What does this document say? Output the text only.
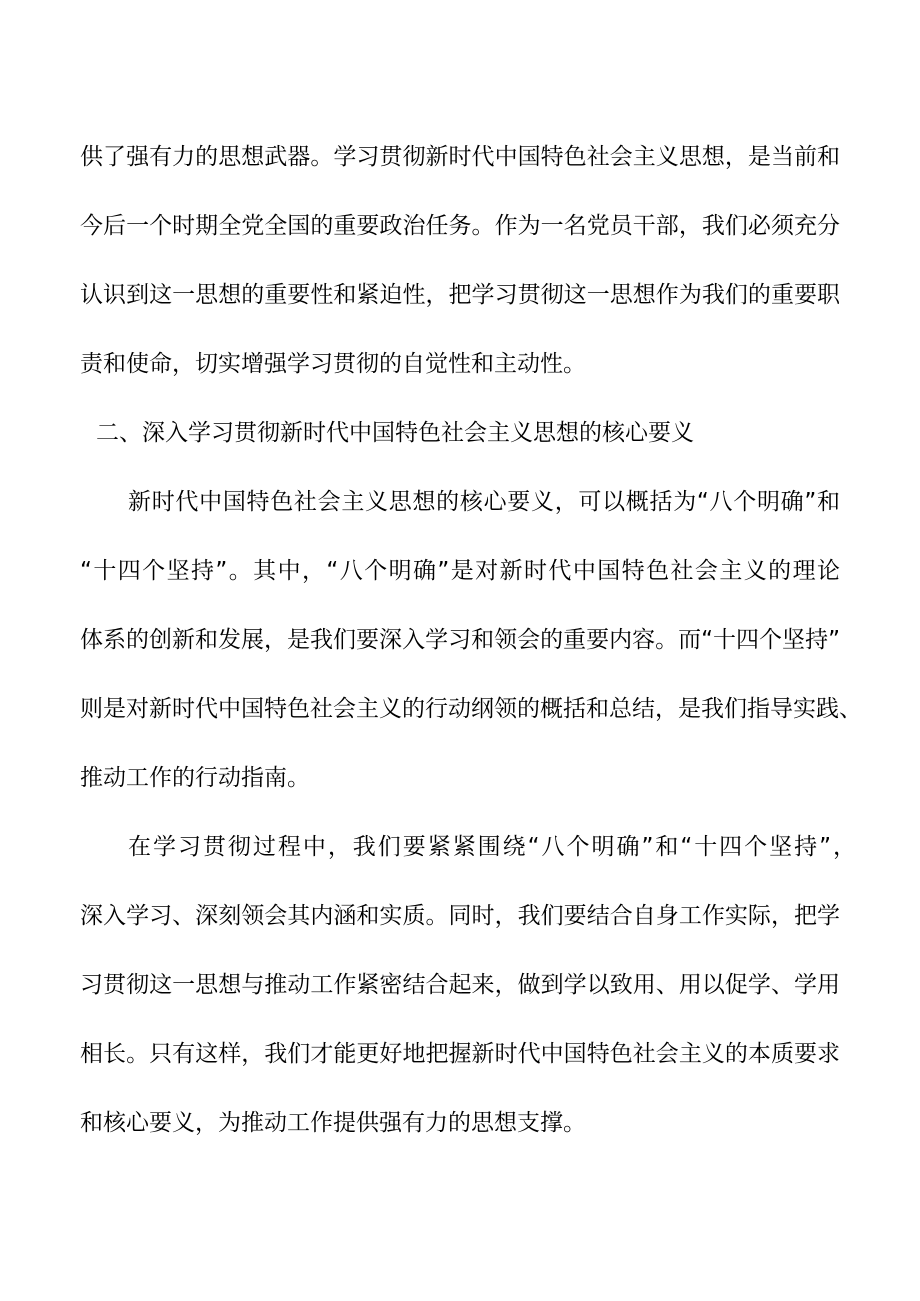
供了强有力的思想武器。学习贯彻新时代中国特色社会主义思想，是当前和
今后一个时期全党全国的重要政治任务。作为一名党员干部，我们必须充分
认识到这一思想的重要性和紧迫性，把学习贯彻这一思想作为我们的重要职
责和使命，切实增强学习贯彻的自觉性和主动性。
二、深入学习贯彻新时代中国特色社会主义思想的核心要义
新时代中国特色社会主义思想的核心要义，可以概括为“八个明确”和
“十四个坚持”。其中，“八个明确”是对新时代中国特色社会主义的理论
体系的创新和发展，是我们要深入学习和领会的重要内容。而“十四个坚持”
则是对新时代中国特色社会主义的行动纲领的概括和总结，是我们指导实践、
推动工作的行动指南。
在学习贯彻过程中，我们要紧紧围绕“八个明确”和“十四个坚持”，
深入学习、深刻领会其内涵和实质。同时，我们要结合自身工作实际，把学
习贯彻这一思想与推动工作紧密结合起来，做到学以致用、用以促学、学用
相长。只有这样，我们才能更好地把握新时代中国特色社会主义的本质要求
和核心要义，为推动工作提供强有力的思想支撑。
